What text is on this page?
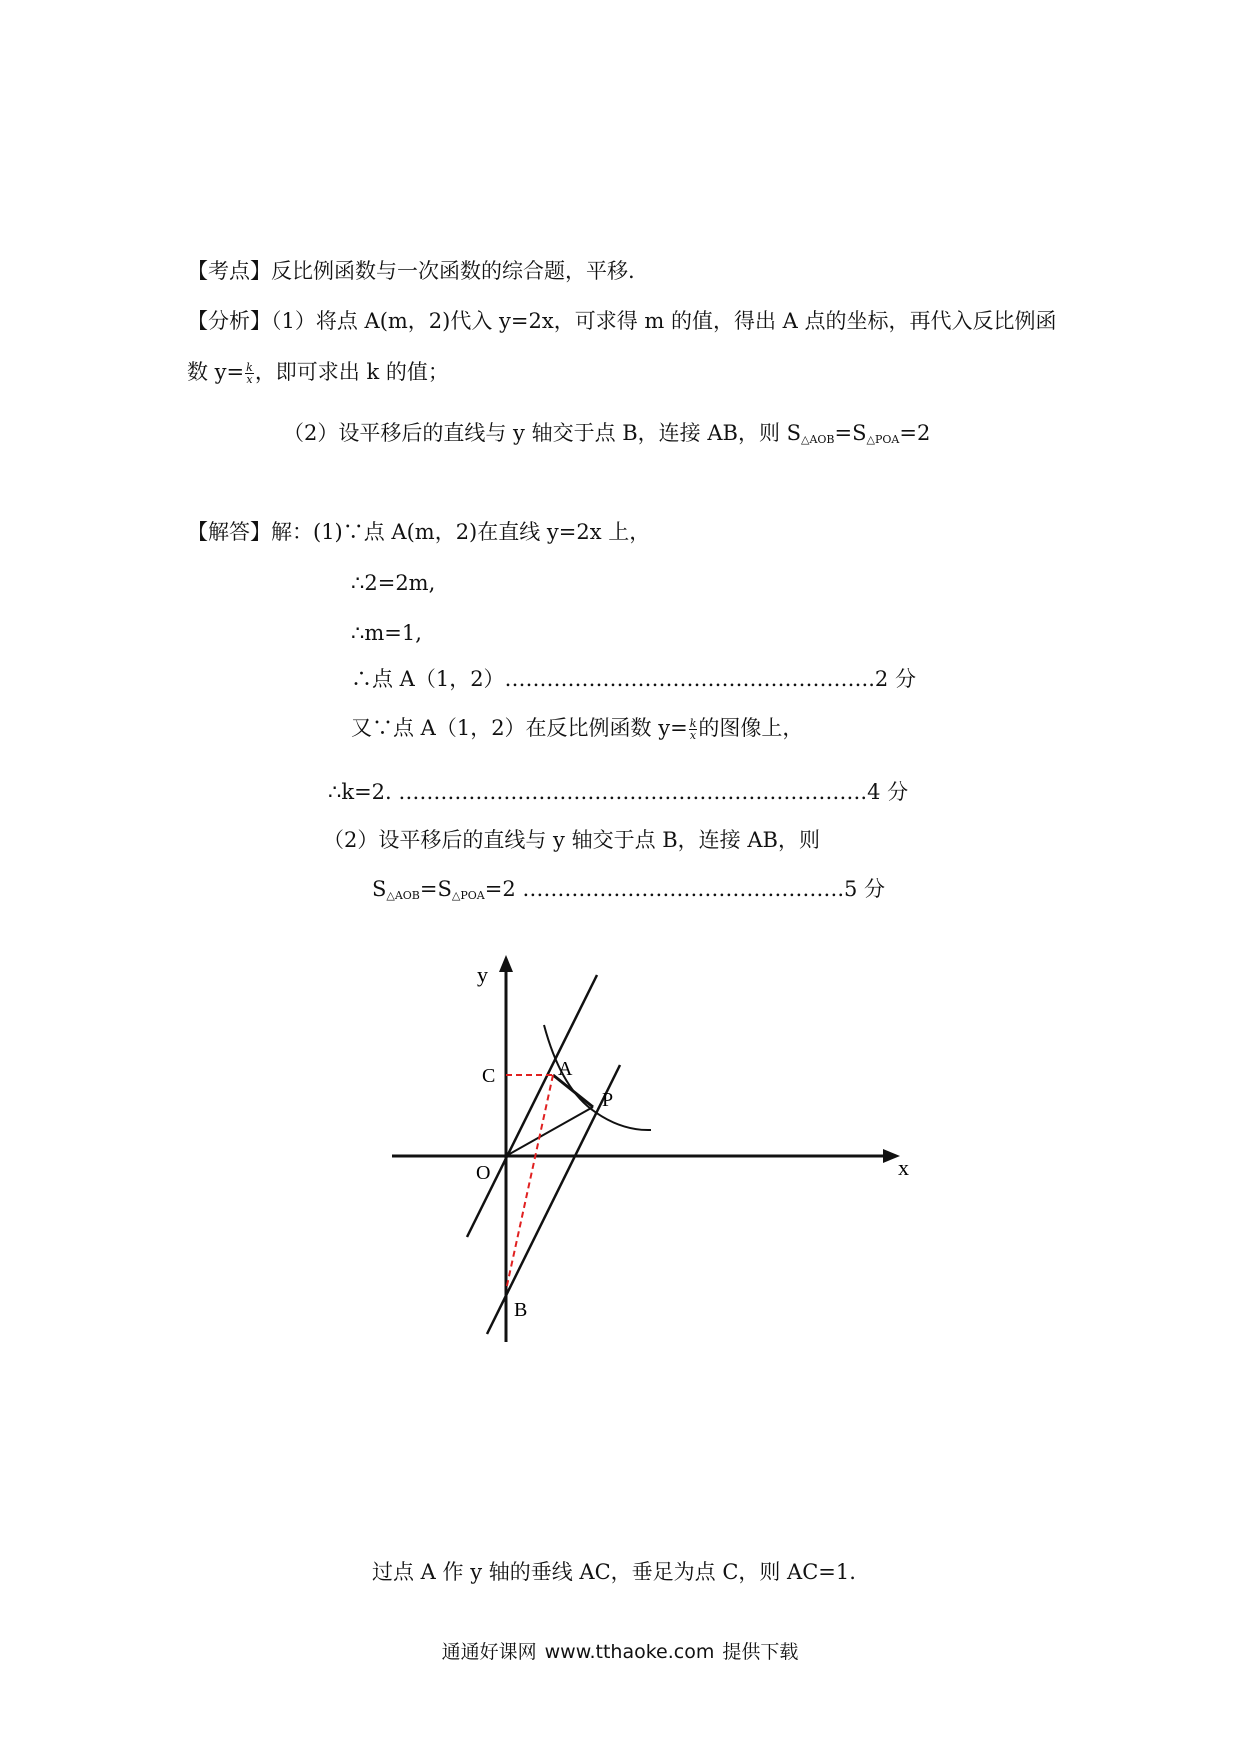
【考点】反比例函数与一次函数的综合题，平移.
【分析】（1）将点 A(m，2)代入 y=2x，可求得 m 的值，得出 A 点的坐标，再代入反比例函
数 $y= \frac{k}{x}$ ，即可求出 k 的值；
（2）设平移后的直线与 y 轴交于点 B，连接 AB，则 $S_{\triangle AOB}=S_{\triangle POA}=2$
【解答】解：(1)∵点 A(m，2)在直线 y=2x 上，
∴2=2m,
∴m=1,
∴点 A（1，2）……………………………………………..2 分
又∵点 A（1，2）在反比例函数 $y= \frac{k}{x}$ 的图像上，
∴k=2. ………………………………………………………….4 分
（2）设平移后的直线与 y 轴交于点 B，连接 AB，则
$S_{\triangle AOB}=S_{\triangle POA}=2$ ……………………………………….5 分
y
x
O
C	A
P
B
过点 A 作 y 轴的垂线 AC，垂足为点 C，则 AC=1.
通通好课网 www.tthaoke.com 提供下载
